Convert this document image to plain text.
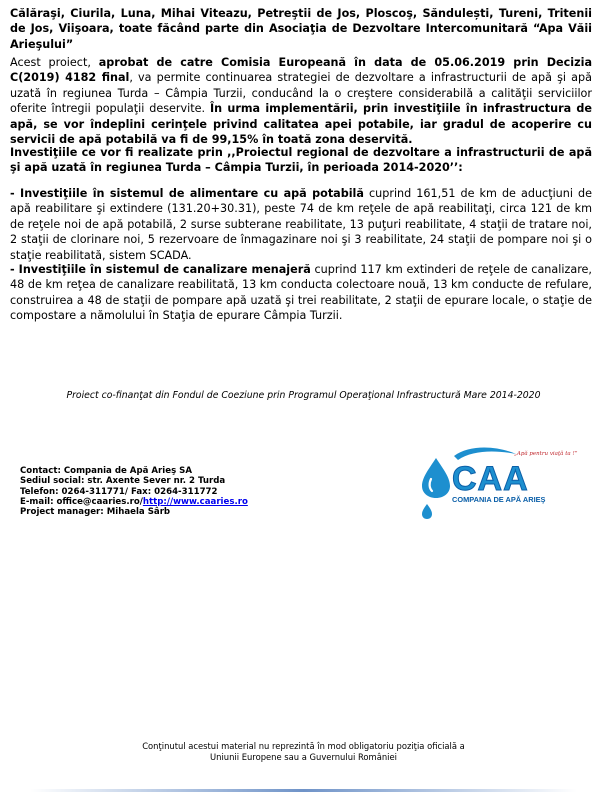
Călăraşi, Ciurila, Luna, Mihai Viteazu, Petreştii de Jos, Ploscoş, Săndulești, Tureni, Tritenii de Jos, Viişoara, toate făcând parte din Asociaţia de Dezvoltare Intercomunitară “Apa Văii Arieşului”

Acest proiect, aprobat de catre Comisia Europeană în data de 05.06.2019 prin Decizia C(2019) 4182 final, va permite continuarea strategiei de dezvoltare a infrastructurii de apă şi apă uzată în regiunea Turda – Câmpia Turzii, conducând la o creştere considerabilă a calităţii serviciilor oferite întregii populaţii deservite. În urma implementării, prin investiţiile în infrastructura de apă, se vor îndeplini cerinţele privind calitatea apei potabile, iar gradul de acoperire cu servicii de apă potabilă va fi de 99,15% în toată zona deservită.

Investiţiile ce vor fi realizate prin ,,Proiectul regional de dezvoltare a infrastructurii de apă şi apă uzată în regiunea Turda – Câmpia Turzii, în perioada 2014-2020’’:

- Investiţiile în sistemul de alimentare cu apă potabilă cuprind 161,51 de km de aducţiuni de apă reabilitare şi extindere (131.20+30.31), peste 74 de km reţele de apă reabilitaţi, circa 121 de km de reţele noi de apă potabilă, 2 surse subterane reabilitate, 13 puţuri reabilitate, 4 staţii de tratare noi, 2 staţii de clorinare noi, 5 rezervoare de înmagazinare noi şi 3 reabilitate, 24 staţii de pompare noi şi o staţie reabilitată, sistem SCADA.

- Investiţiile în sistemul de canalizare menajeră cuprind 117 km extinderi de reţele de canalizare, 48 de km reţea de canalizare reabilitată, 13 km conducta colectoare nouă, 13 km conducte de refulare, construirea a 48 de staţii de pompare apă uzată şi trei reabilitate, 2 staţii de epurare locale, o staţie de compostare a nămolului în Staţia de epurare Câmpia Turzii.

Proiect co-finanţat din Fondul de Coeziune prin Programul Operaţional Infrastructură Mare 2014-2020
Contact: Compania de Apă Arieş SA
Sediul social: str. Axente Sever nr. 2 Turda
Telefon: 0264-311771/ Fax: 0264-311772
E-mail: office@caaries.ro/http://www.caaries.ro
Project manager: Mihaela Sârb
„Apă pentru viaţă ta !”
CAA
COMPANIA DE APĂ ARIEŞ
Conţinutul acestui material nu reprezintă în mod obligatoriu poziţia oficială a
Uniunii Europene sau a Guvernului României
